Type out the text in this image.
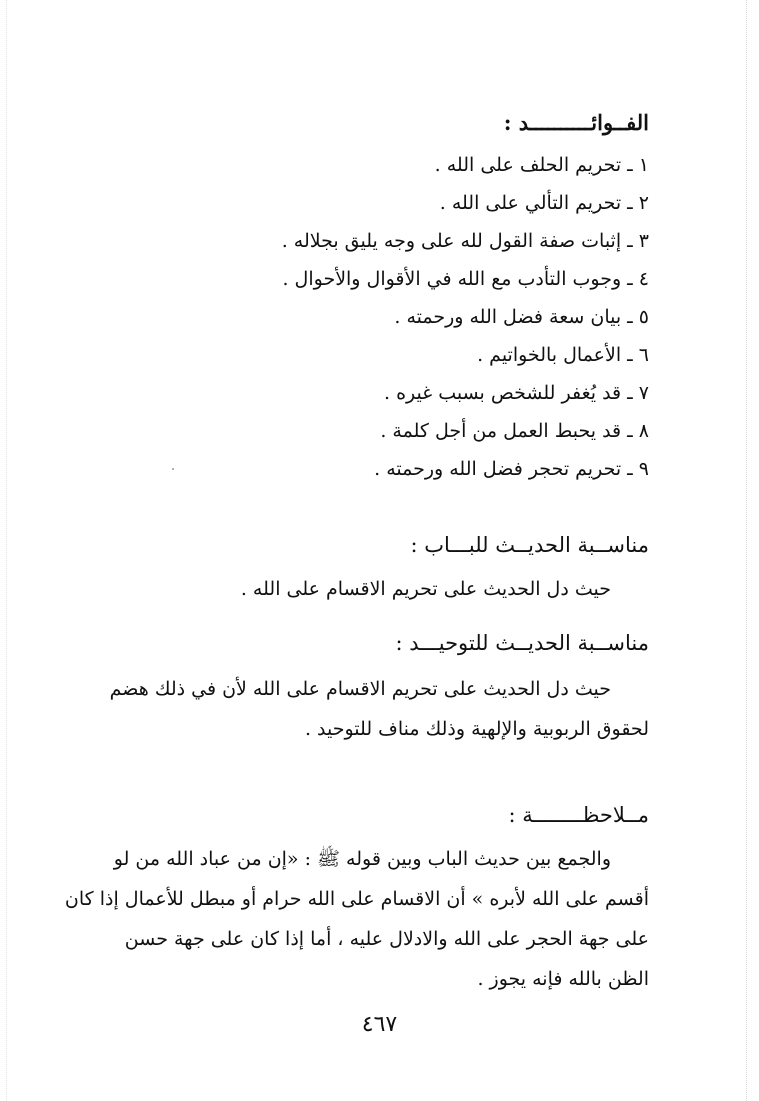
الفــوائــــــــــد :
١ ـ تحريم الحلف على الله .
٢ ـ تحريم التألي على الله .
٣ ـ إثبات صفة القول لله على وجه يليق بجلاله .
٤ ـ وجوب التأدب مع الله في الأقوال والأحوال .
٥ ـ بيان سعة فضل الله ورحمته .
٦ ـ الأعمال بالخواتيم .
٧ ـ قد يُغفر للشخص بسبب غيره .
٨ ـ قد يحبط العمل من أجل كلمة .
٩ ـ تحريم تحجر فضل الله ورحمته .
مناســبة الحديــث للبـــاب :
حيث دل الحديث على تحريم الاقسام على الله .
مناســبة الحديــث للتوحيـــد :
حيث دل الحديث على تحريم الاقسام على الله لأن في ذلك هضم
لحقوق الربوبية والإلهية وذلك مناف للتوحيد .
مــلاحظــــــــة :
والجمع بين حديث الباب وبين قوله ﷺ : «إن من عباد الله من لو
أقسم على الله لأبره » أن الاقسام على الله حرام أو مبطل للأعمال إذا كان
على جهة الحجر على الله والادلال عليه ، أما إذا كان على جهة حسن
الظن بالله فإنه يجوز .
٤٦٧
